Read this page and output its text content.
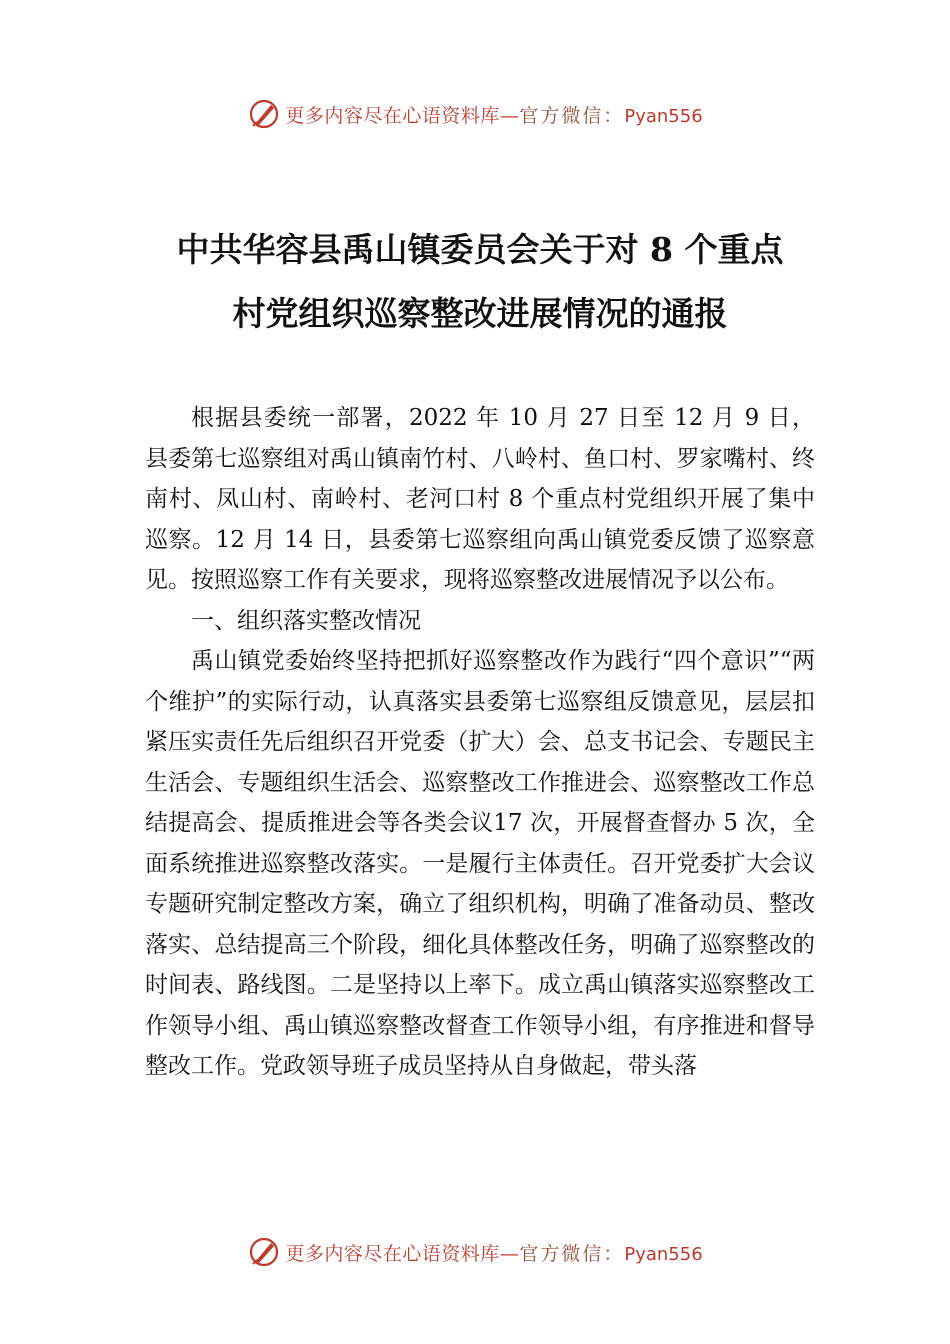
更多内容尽在心语资料库—官方微信：Pyan556
中共华容县禹山镇委员会关于对 8 个重点
村党组织巡察整改进展情况的通报

根据县委统一部署，2022 年 10 月 27 日至 12 月 9 日， 县委第七巡察组对禹山镇南竹村、八岭村、鱼口村、罗家嘴村、终南村、凤山村、南岭村、老河口村 8 个重点村党组织开展了集中巡察。12 月 14 日，县委第七巡察组向禹山镇党委反馈了巡察意见。按照巡察工作有关要求，现将巡察整改进展情况予以公布。

一、组织落实整改情况

禹山镇党委始终坚持把抓好巡察整改作为践行“四个意识”“两个维护”的实际行动，认真落实县委第七巡察组反馈意见，层层扣紧压实责任先后组织召开党委（扩大）会、总支书记会、专题民主生活会、专题组织生活会、巡察整改工作推进会、巡察整改工作总结提高会、提质推进会等各类会议17 次，开展督查督办 5 次，全面系统推进巡察整改落实。一是履行主体责任。召开党委扩大会议专题研究制定整改方案，确立了组织机构，明确了准备动员、整改落实、总结提高三个阶段，细化具体整改任务，明确了巡察整改的时间表、路线图。二是坚持以上率下。成立禹山镇落实巡察整改工作领导小组、禹山镇巡察整改督查工作领导小组，有序推进和督导整改工作。党政领导班子成员坚持从自身做起，带头落

更多内容尽在心语资料库—官方微信：Pyan556
